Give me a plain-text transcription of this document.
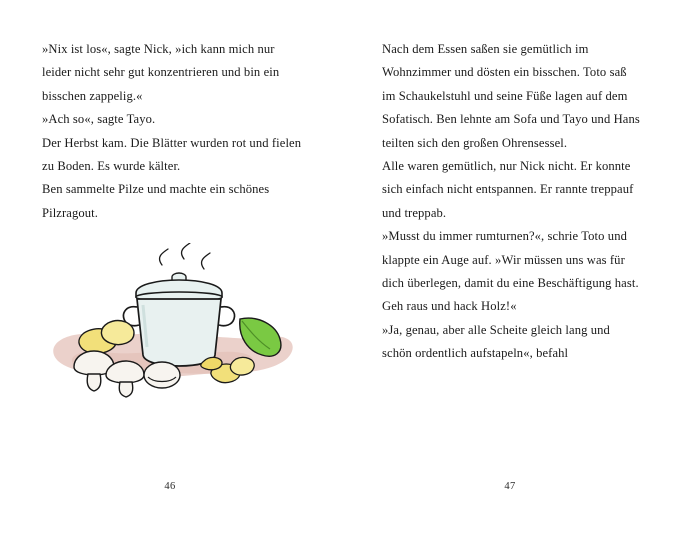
»Nix ist los«, sagte Nick, »ich kann mich nur leider nicht sehr gut konzentrieren und bin ein bisschen zappelig.«

»Ach so«, sagte Tayo.

Der Herbst kam. Die Blätter wurden rot und fielen zu Boden. Es wurde kälter.

Ben sammelte Pilze und machte ein schönes Pilzragout.

46

Nach dem Essen saßen sie gemütlich im Wohnzimmer und dösten ein bisschen. Toto saß im Schaukelstuhl und seine Füße lagen auf dem Sofatisch. Ben lehnte am Sofa und Tayo und Hans teilten sich den großen Ohrensessel.

Alle waren gemütlich, nur Nick nicht. Er konnte sich einfach nicht entspannen. Er rannte treppauf und treppab.

»Musst du immer rumturnen?«, schrie Toto und klappte ein Auge auf. »Wir müssen uns was für dich überlegen, damit du eine Beschäftigung hast. Geh raus und hack Holz!«

»Ja, genau, aber alle Scheite gleich lang und schön ordentlich aufstapeln«, befahl

47
